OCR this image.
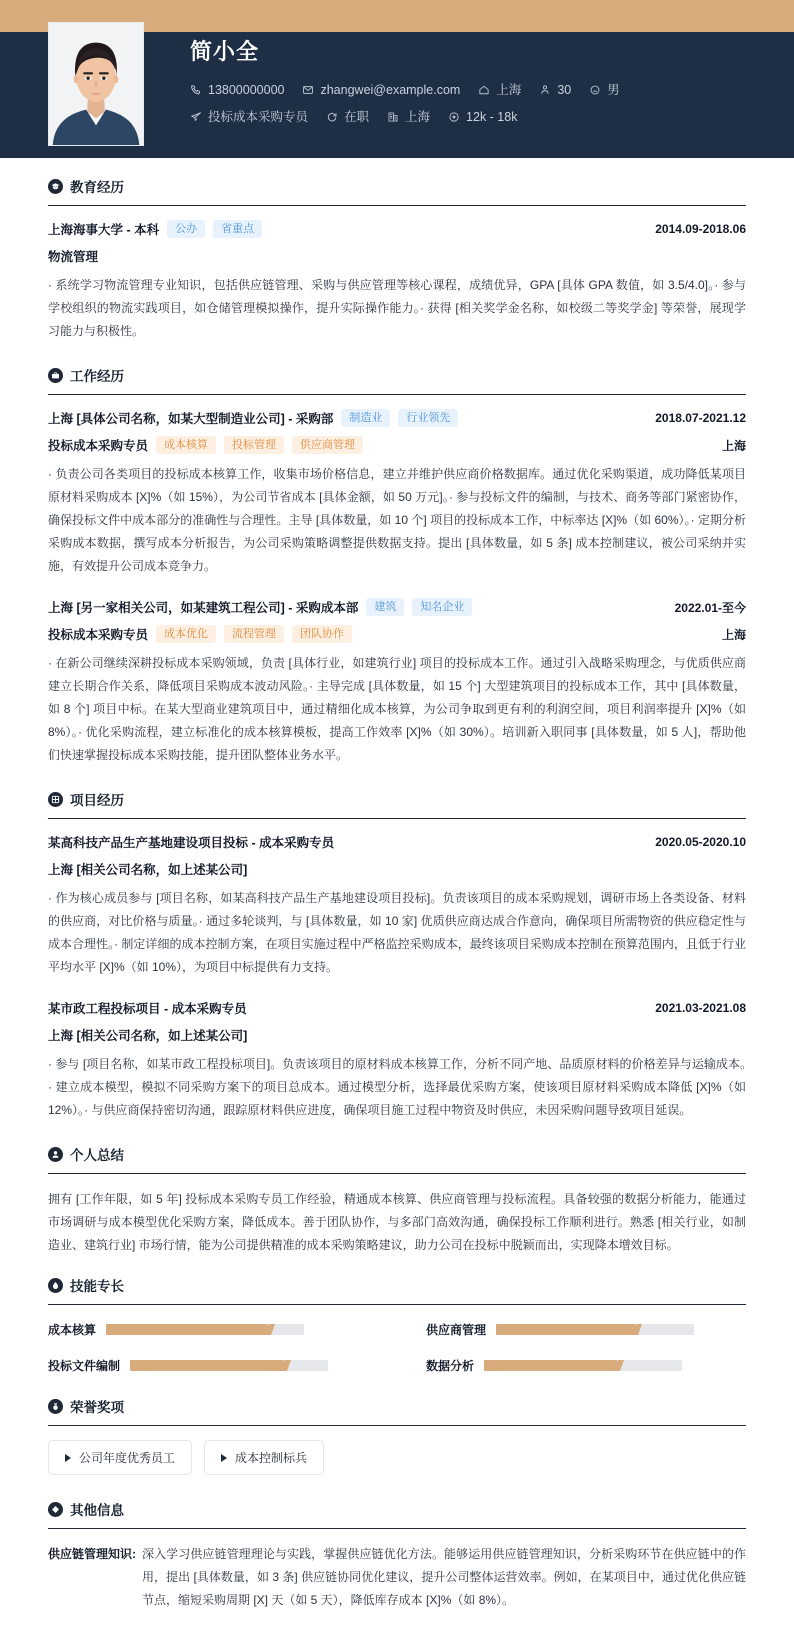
简小全
13800000000	zhangwei@example.com	上海	30	男
投标成本采购专员	在职	上海	12k - 18k
教育经历
上海海事大学 - 本科	公办	省重点	2014.09-2018.06
物流管理
· 系统学习物流管理专业知识，包括供应链管理、采购与供应管理等核心课程，成绩优异，GPA [具体 GPA 数值，如 3.5/4.0]。· 参与学校组织的物流实践项目，如仓储管理模拟操作，提升实际操作能力。· 获得 [相关奖学金名称，如校级二等奖学金] 等荣誉，展现学习能力与积极性。
工作经历
上海 [具体公司名称，如某大型制造业公司] - 采购部	制造业	行业领先	2018.07-2021.12
投标成本采购专员	成本核算	投标管理	供应商管理	上海
· 负责公司各类项目的投标成本核算工作，收集市场价格信息，建立并维护供应商价格数据库。通过优化采购渠道，成功降低某项目原材料采购成本 [X]%（如 15%），为公司节省成本 [具体金额，如 50 万元]。· 参与投标文件的编制，与技术、商务等部门紧密协作，确保投标文件中成本部分的准确性与合理性。主导 [具体数量，如 10 个] 项目的投标成本工作，中标率达 [X]%（如 60%）。· 定期分析采购成本数据，撰写成本分析报告，为公司采购策略调整提供数据支持。提出 [具体数量，如 5 条] 成本控制建议，被公司采纳并实施，有效提升公司成本竞争力。
上海 [另一家相关公司，如某建筑工程公司] - 采购成本部	建筑	知名企业	2022.01-至今
投标成本采购专员	成本优化	流程管理	团队协作	上海
· 在新公司继续深耕投标成本采购领域，负责 [具体行业，如建筑行业] 项目的投标成本工作。通过引入战略采购理念，与优质供应商建立长期合作关系，降低项目采购成本波动风险。· 主导完成 [具体数量，如 15 个] 大型建筑项目的投标成本工作，其中 [具体数量，如 8 个] 项目中标。在某大型商业建筑项目中，通过精细化成本核算，为公司争取到更有利的利润空间，项目利润率提升 [X]%（如 8%）。· 优化采购流程，建立标准化的成本核算模板，提高工作效率 [X]%（如 30%）。培训新入职同事 [具体数量，如 5 人]，帮助他们快速掌握投标成本采购技能，提升团队整体业务水平。
项目经历
某高科技产品生产基地建设项目投标 - 成本采购专员	2020.05-2020.10
上海 [相关公司名称，如上述某公司]
· 作为核心成员参与 [项目名称，如某高科技产品生产基地建设项目投标]。负责该项目的成本采购规划，调研市场上各类设备、材料的供应商，对比价格与质量。· 通过多轮谈判，与 [具体数量，如 10 家] 优质供应商达成合作意向，确保项目所需物资的供应稳定性与成本合理性。· 制定详细的成本控制方案，在项目实施过程中严格监控采购成本，最终该项目采购成本控制在预算范围内，且低于行业平均水平 [X]%（如 10%），为项目中标提供有力支持。
某市政工程投标项目 - 成本采购专员	2021.03-2021.08
上海 [相关公司名称，如上述某公司]
· 参与 [项目名称，如某市政工程投标项目]。负责该项目的原材料成本核算工作，分析不同产地、品质原材料的价格差异与运输成本。· 建立成本模型，模拟不同采购方案下的项目总成本。通过模型分析，选择最优采购方案，使该项目原材料采购成本降低 [X]%（如 12%）。· 与供应商保持密切沟通，跟踪原材料供应进度，确保项目施工过程中物资及时供应，未因采购问题导致项目延误。
个人总结
拥有 [工作年限，如 5 年] 投标成本采购专员工作经验，精通成本核算、供应商管理与投标流程。具备较强的数据分析能力，能通过市场调研与成本模型优化采购方案，降低成本。善于团队协作，与多部门高效沟通，确保投标工作顺利进行。熟悉 [相关行业，如制造业、建筑行业] 市场行情，能为公司提供精准的成本采购策略建议，助力公司在投标中脱颖而出，实现降本增效目标。
技能专长
成本核算	供应商管理
投标文件编制	数据分析
荣誉奖项
公司年度优秀员工	成本控制标兵
其他信息
供应链管理知识: 深入学习供应链管理理论与实践，掌握供应链优化方法。能够运用供应链管理知识，分析采购环节在供应链中的作用，提出 [具体数量，如 3 条] 供应链协同优化建议，提升公司整体运营效率。例如，在某项目中，通过优化供应链节点，缩短采购周期 [X] 天（如 5 天），降低库存成本 [X]%（如 8%）。
